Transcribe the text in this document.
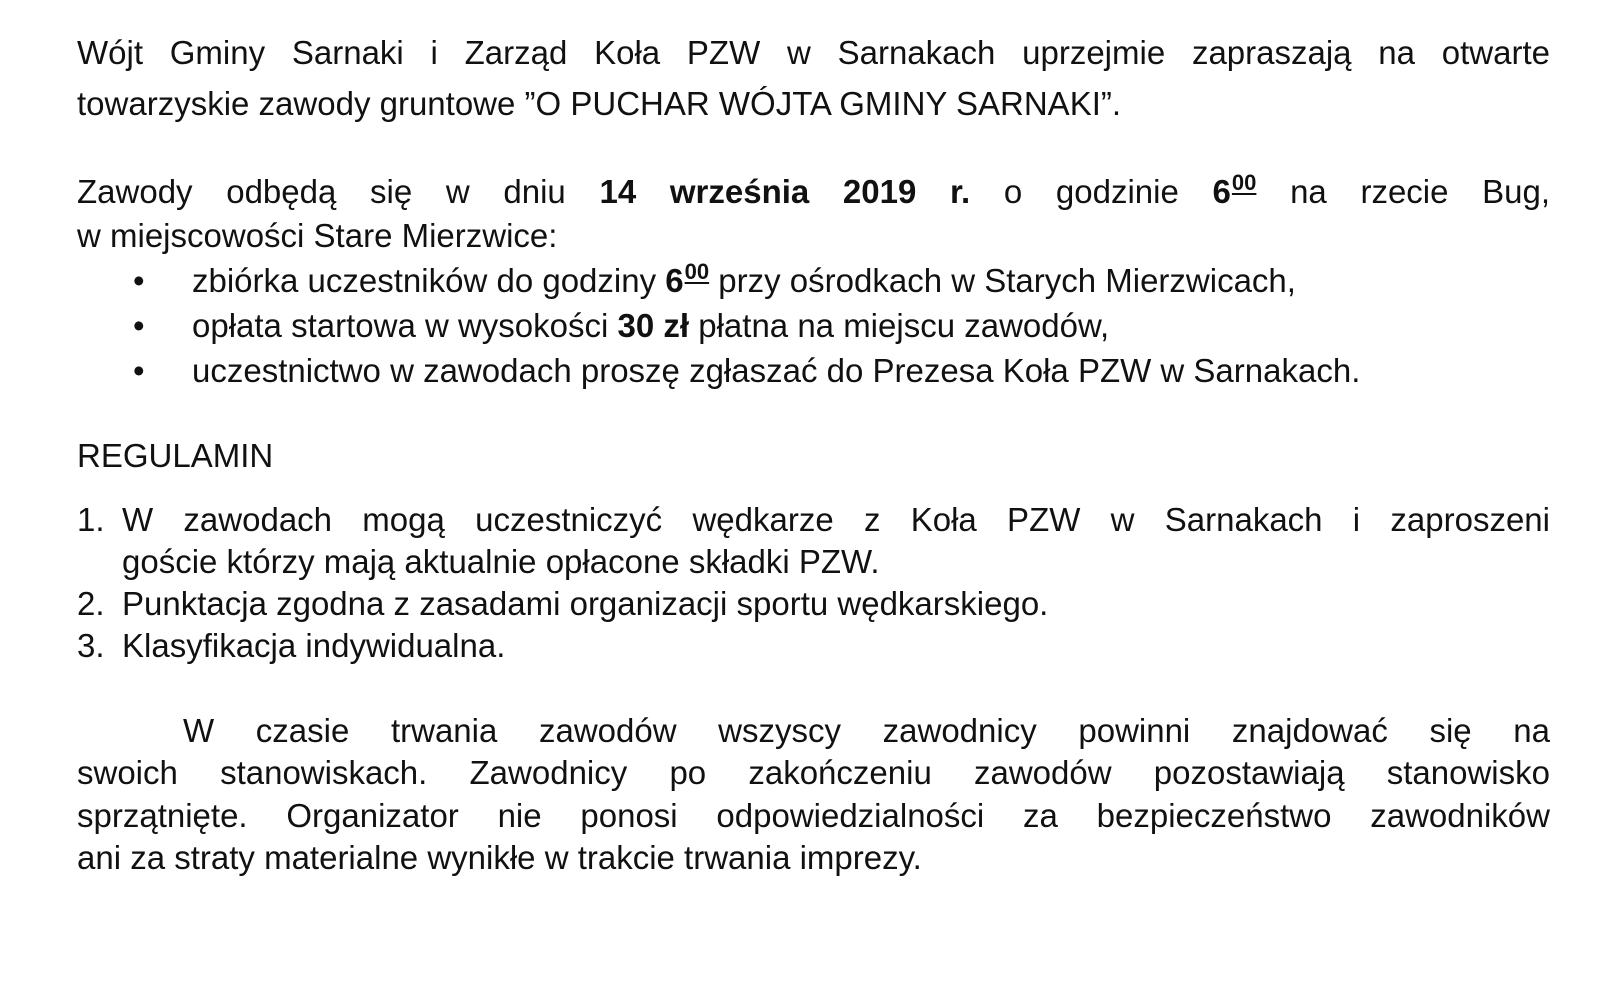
Wójt Gminy Sarnaki i Zarząd Koła PZW w Sarnakach uprzejmie zapraszają na otwarte
towarzyskie zawody gruntowe ”O PUCHAR WÓJTA GMINY SARNAKI”.
Zawody odbędą się w dniu 14 września 2019 r. o godzinie $6^{00}$ na rzecie Bug,
w miejscowości Stare Mierzwice:
• zbiórka uczestników do godziny $6^{00}$ przy ośrodkach w Starych Mierzwicach,
• opłata startowa w wysokości 30 zł płatna na miejscu zawodów,
• uczestnictwo w zawodach proszę zgłaszać do Prezesa Koła PZW w Sarnakach.
REGULAMIN
1. W zawodach mogą uczestniczyć wędkarze z Koła PZW w Sarnakach i zaproszeni
goście którzy mają aktualnie opłacone składki PZW.
2. Punktacja zgodna z zasadami organizacji sportu wędkarskiego.
3. Klasyfikacja indywidualna.
W czasie trwania zawodów wszyscy zawodnicy powinni znajdować się na
swoich stanowiskach. Zawodnicy po zakończeniu zawodów pozostawiają stanowisko
sprzątnięte. Organizator nie ponosi odpowiedzialności za bezpieczeństwo zawodników
ani za straty materialne wynikłe w trakcie trwania imprezy.
